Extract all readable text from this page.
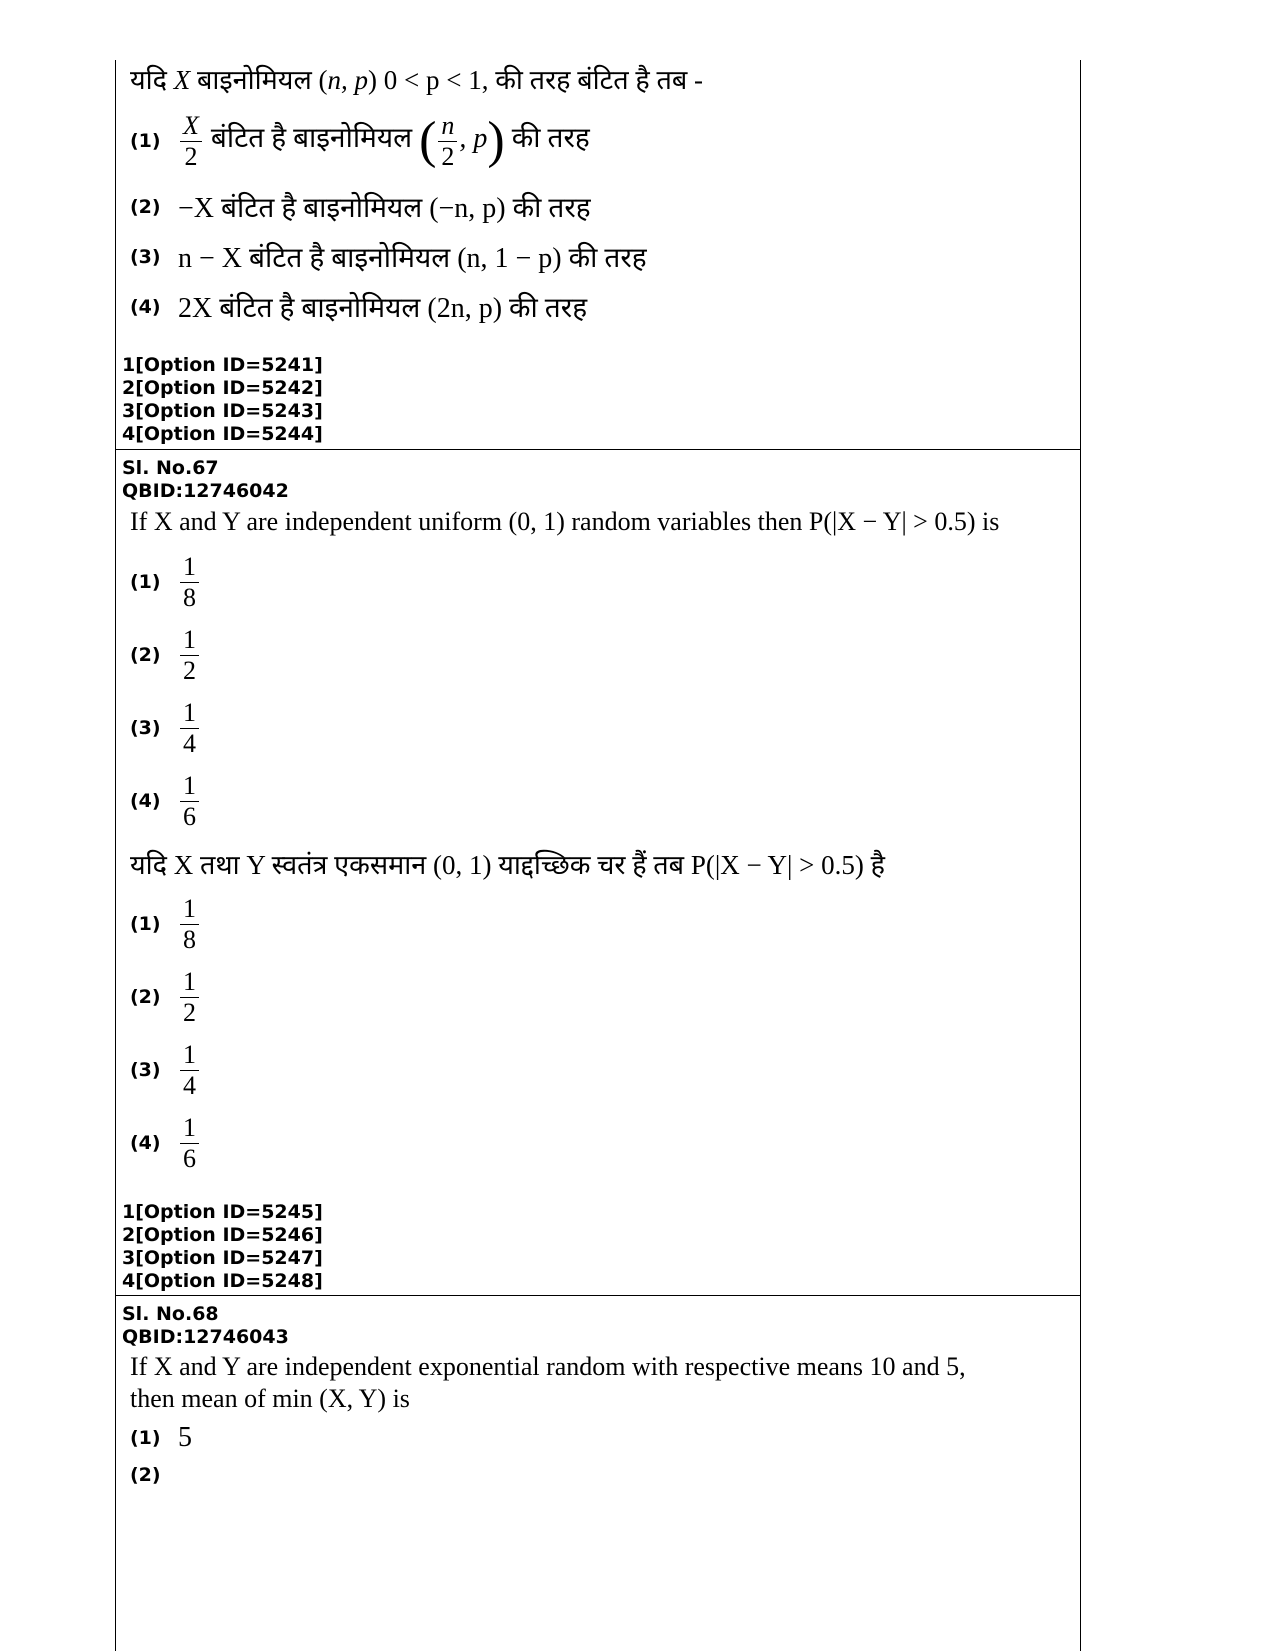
यदि X बाइनोमियल (n, p) 0 < p < 1, की तरह बंटित है तब -
$(1) \frac{X}{2}$ बंटित है बाइनोमियल ( $\frac{n}{2}$ , p) की तरह
(2) −X बंटित है बाइनोमियल (−n, p) की तरह
(3) n − X बंटित है बाइनोमियल (n, 1 − p) की तरह
(4) 2X बंटित है बाइनोमियल (2n, p) की तरह
1[Option ID=5241]
2[Option ID=5242]
3[Option ID=5243]
4[Option ID=5244]
Sl. No.67
QBID:12746042
If X and Y are independent uniform (0, 1) random variables then P(|X − Y| > 0.5) is
$(1) \frac{1}{8}$
$(2) \frac{1}{2}$
$(3) \frac{1}{4}$
$(4) \frac{1}{6}$
यदि X तथा Y स्वतंत्र एकसमान (0, 1) याद्दच्छिक चर हैं तब P(|X − Y| > 0.5) है
$(1) \frac{1}{8}$
$(2) \frac{1}{2}$
$(3) \frac{1}{4}$
$(4) \frac{1}{6}$
1[Option ID=5245]
2[Option ID=5246]
3[Option ID=5247]
4[Option ID=5248]
Sl. No.68
QBID:12746043
If X and Y are independent exponential random with respective means 10 and 5,
then mean of min (X, Y) is
(1) 5
(2)
